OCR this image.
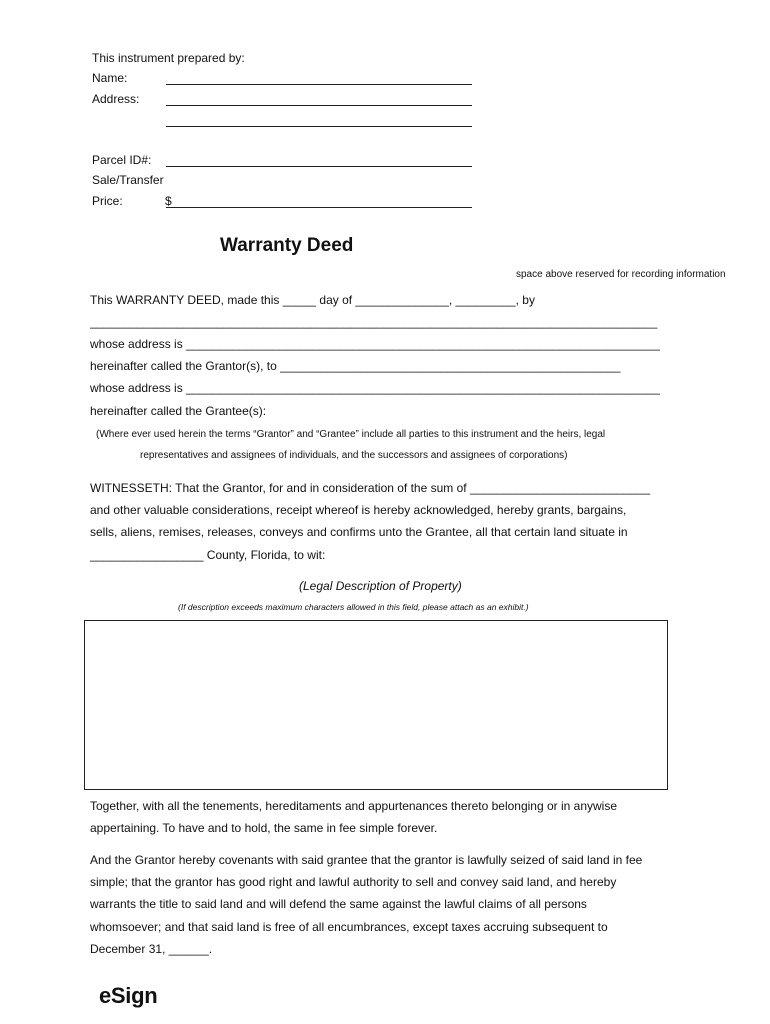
This instrument prepared by:
Name:
Address:
Parcel ID#:
Sale/Transfer
Price:	$
Warranty Deed
space above reserved for recording information
This WARRANTY DEED, made this _____ day of ______________, _________, by
_____________________________________________________________________________________
whose address is _______________________________________________________________________
hereinafter called the Grantor(s), to ___________________________________________________
whose address is _______________________________________________________________________
hereinafter called the Grantee(s):
(Where ever used herein the terms “Grantor” and “Grantee” include all parties to this instrument and the heirs, legal
representatives and assignees of individuals, and the successors and assignees of corporations)
WITNESSETH: That the Grantor, for and in consideration of the sum of ___________________________
and other valuable considerations, receipt whereof is hereby acknowledged, hereby grants, bargains,
sells, aliens, remises, releases, conveys and confirms unto the Grantee, all that certain land situate in
_________________ County, Florida, to wit:
(Legal Description of Property)
(If description exceeds maximum characters allowed in this field, please attach as an exhibit.)
Together, with all the tenements, hereditaments and appurtenances thereto belonging or in anywise
appertaining. To have and to hold, the same in fee simple forever.
And the Grantor hereby covenants with said grantee that the grantor is lawfully seized of said land in fee
simple; that the grantor has good right and lawful authority to sell and convey said land, and hereby
warrants the title to said land and will defend the same against the lawful claims of all persons
whomsoever; and that said land is free of all encumbrances, except taxes accruing subsequent to
December 31, ______.
eSign
